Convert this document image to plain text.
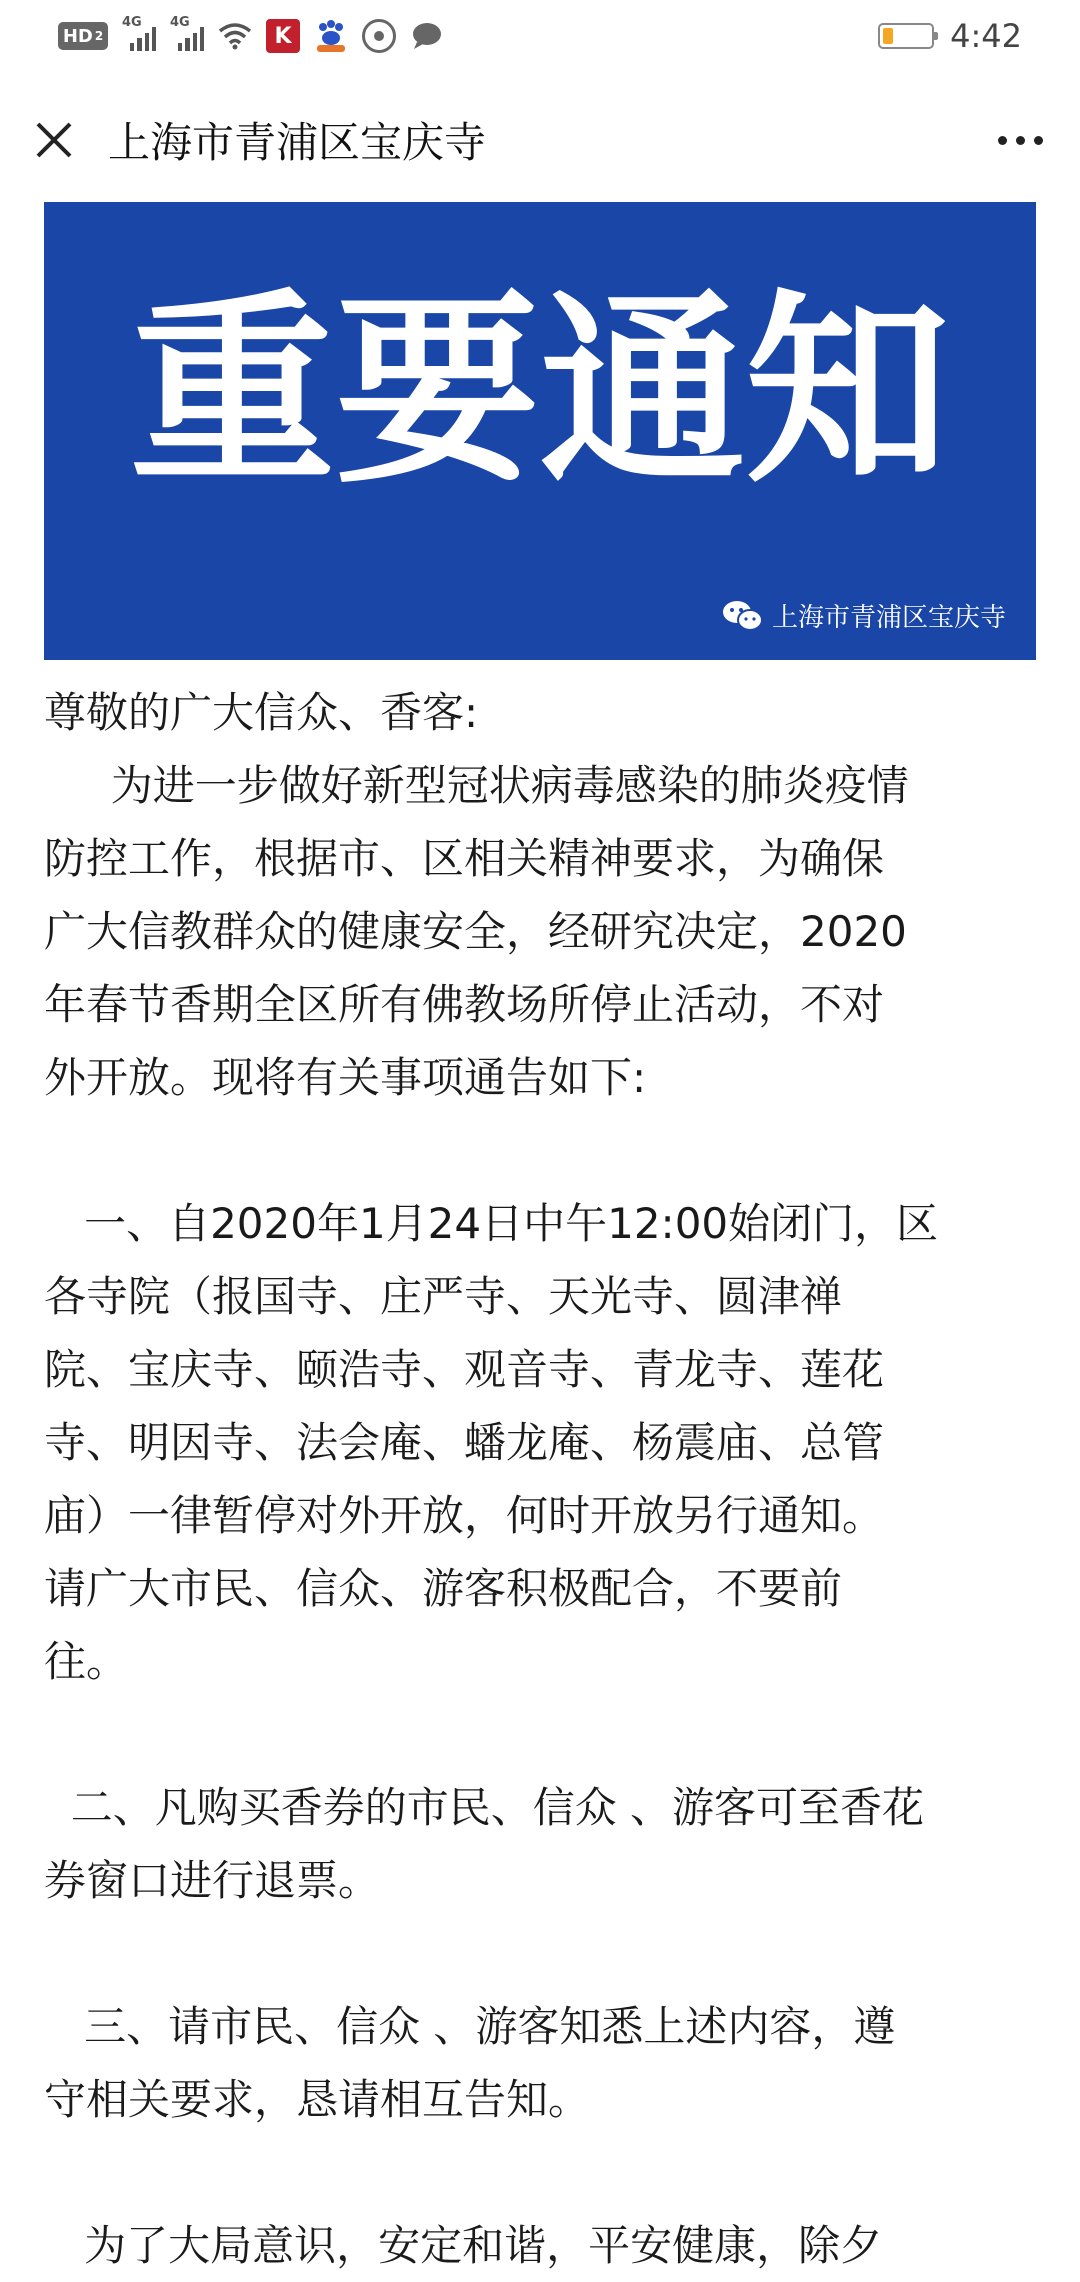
HD 2
4G 4G
K	4:42
上海市青浦区宝庆寺
重要通知
上海市青浦区宝庆寺

尊敬的广大信众、香客:

为进一步做好新型冠状病毒感染的肺炎疫情

防控工作，根据市、区相关精神要求，为确保

广大信教群众的健康安全，经研究决定，2020

年春节香期全区所有佛教场所停止活动，不对

外开放。现将有关事项通告如下:

一、自2020年1月24日中午12:00始闭门，区

各寺院（报国寺、庄严寺、天光寺、圆津禅

院、宝庆寺、颐浩寺、观音寺、青龙寺、莲花

寺、明因寺、法会庵、蟠龙庵、杨震庙、总管

庙）一律暂停对外开放，何时开放另行通知。

请广大市民、信众、游客积极配合，不要前

往。

二、凡购买香券的市民、信众 、游客可至香花

券窗口进行退票。

三、请市民、信众 、游客知悉上述内容，遵

守相关要求，恳请相互告知。

为了大局意识，安定和谐，平安健康，除夕
